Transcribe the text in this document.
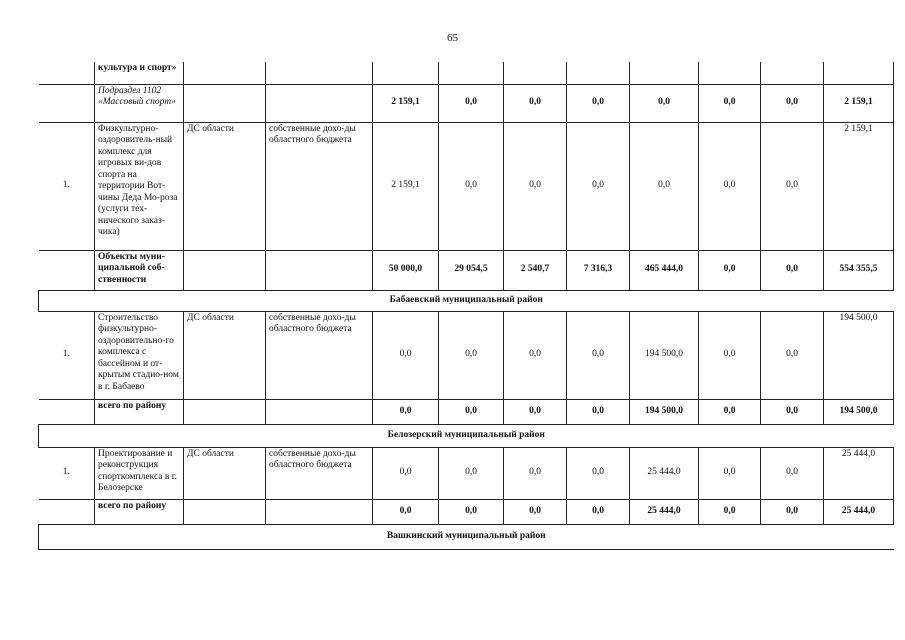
65
	культура и спорт»										
	Подраздел 1102 «Массовый спорт»			2 159,1	0,0	0,0	0,0	0,0	0,0	0,0	2 159,1
1.	Физкультурно-оздоровитель-ный комплекс для игровых ви-дов спорта на территории Вот-чины Деда Мо-роза (услуги тех-нического заказ-чика)	ДС области	собственные дохо-ды областного бюджета	2 159,1	0,0	0,0	0,0	0,0	0,0	0,0	2 159,1
	Объекты муни-ципальной соб-ственности			50 000,0	29 054,5	2 540,7	7 316,3	465 444,0	0,0	0,0	554 355,5
Бабаевский муниципальный район											
1.	Строительство физкультурно-оздоровительно-го комплекса с бассейном и от-крытым стадио-ном в г. Бабаево	ДС области	собственные дохо-ды областного бюджета	0,0	0,0	0,0	0,0	194 500,0	0,0	0,0	194 500,0
	всего по району			0,0	0,0	0,0	0,0	194 500,0	0,0	0,0	194 500,0
Белозерский муниципальный район											
1.	Проектирование и реконструкция спорткомплекса в г. Белозерске	ДС области	собственные дохо-ды областного бюджета	0,0	0,0	0,0	0,0	25 444,0	0,0	0,0	25 444,0
	всего по району			0,0	0,0	0,0	0,0	25 444,0	0,0	0,0	25 444,0
Вашкинский муниципальный район											
